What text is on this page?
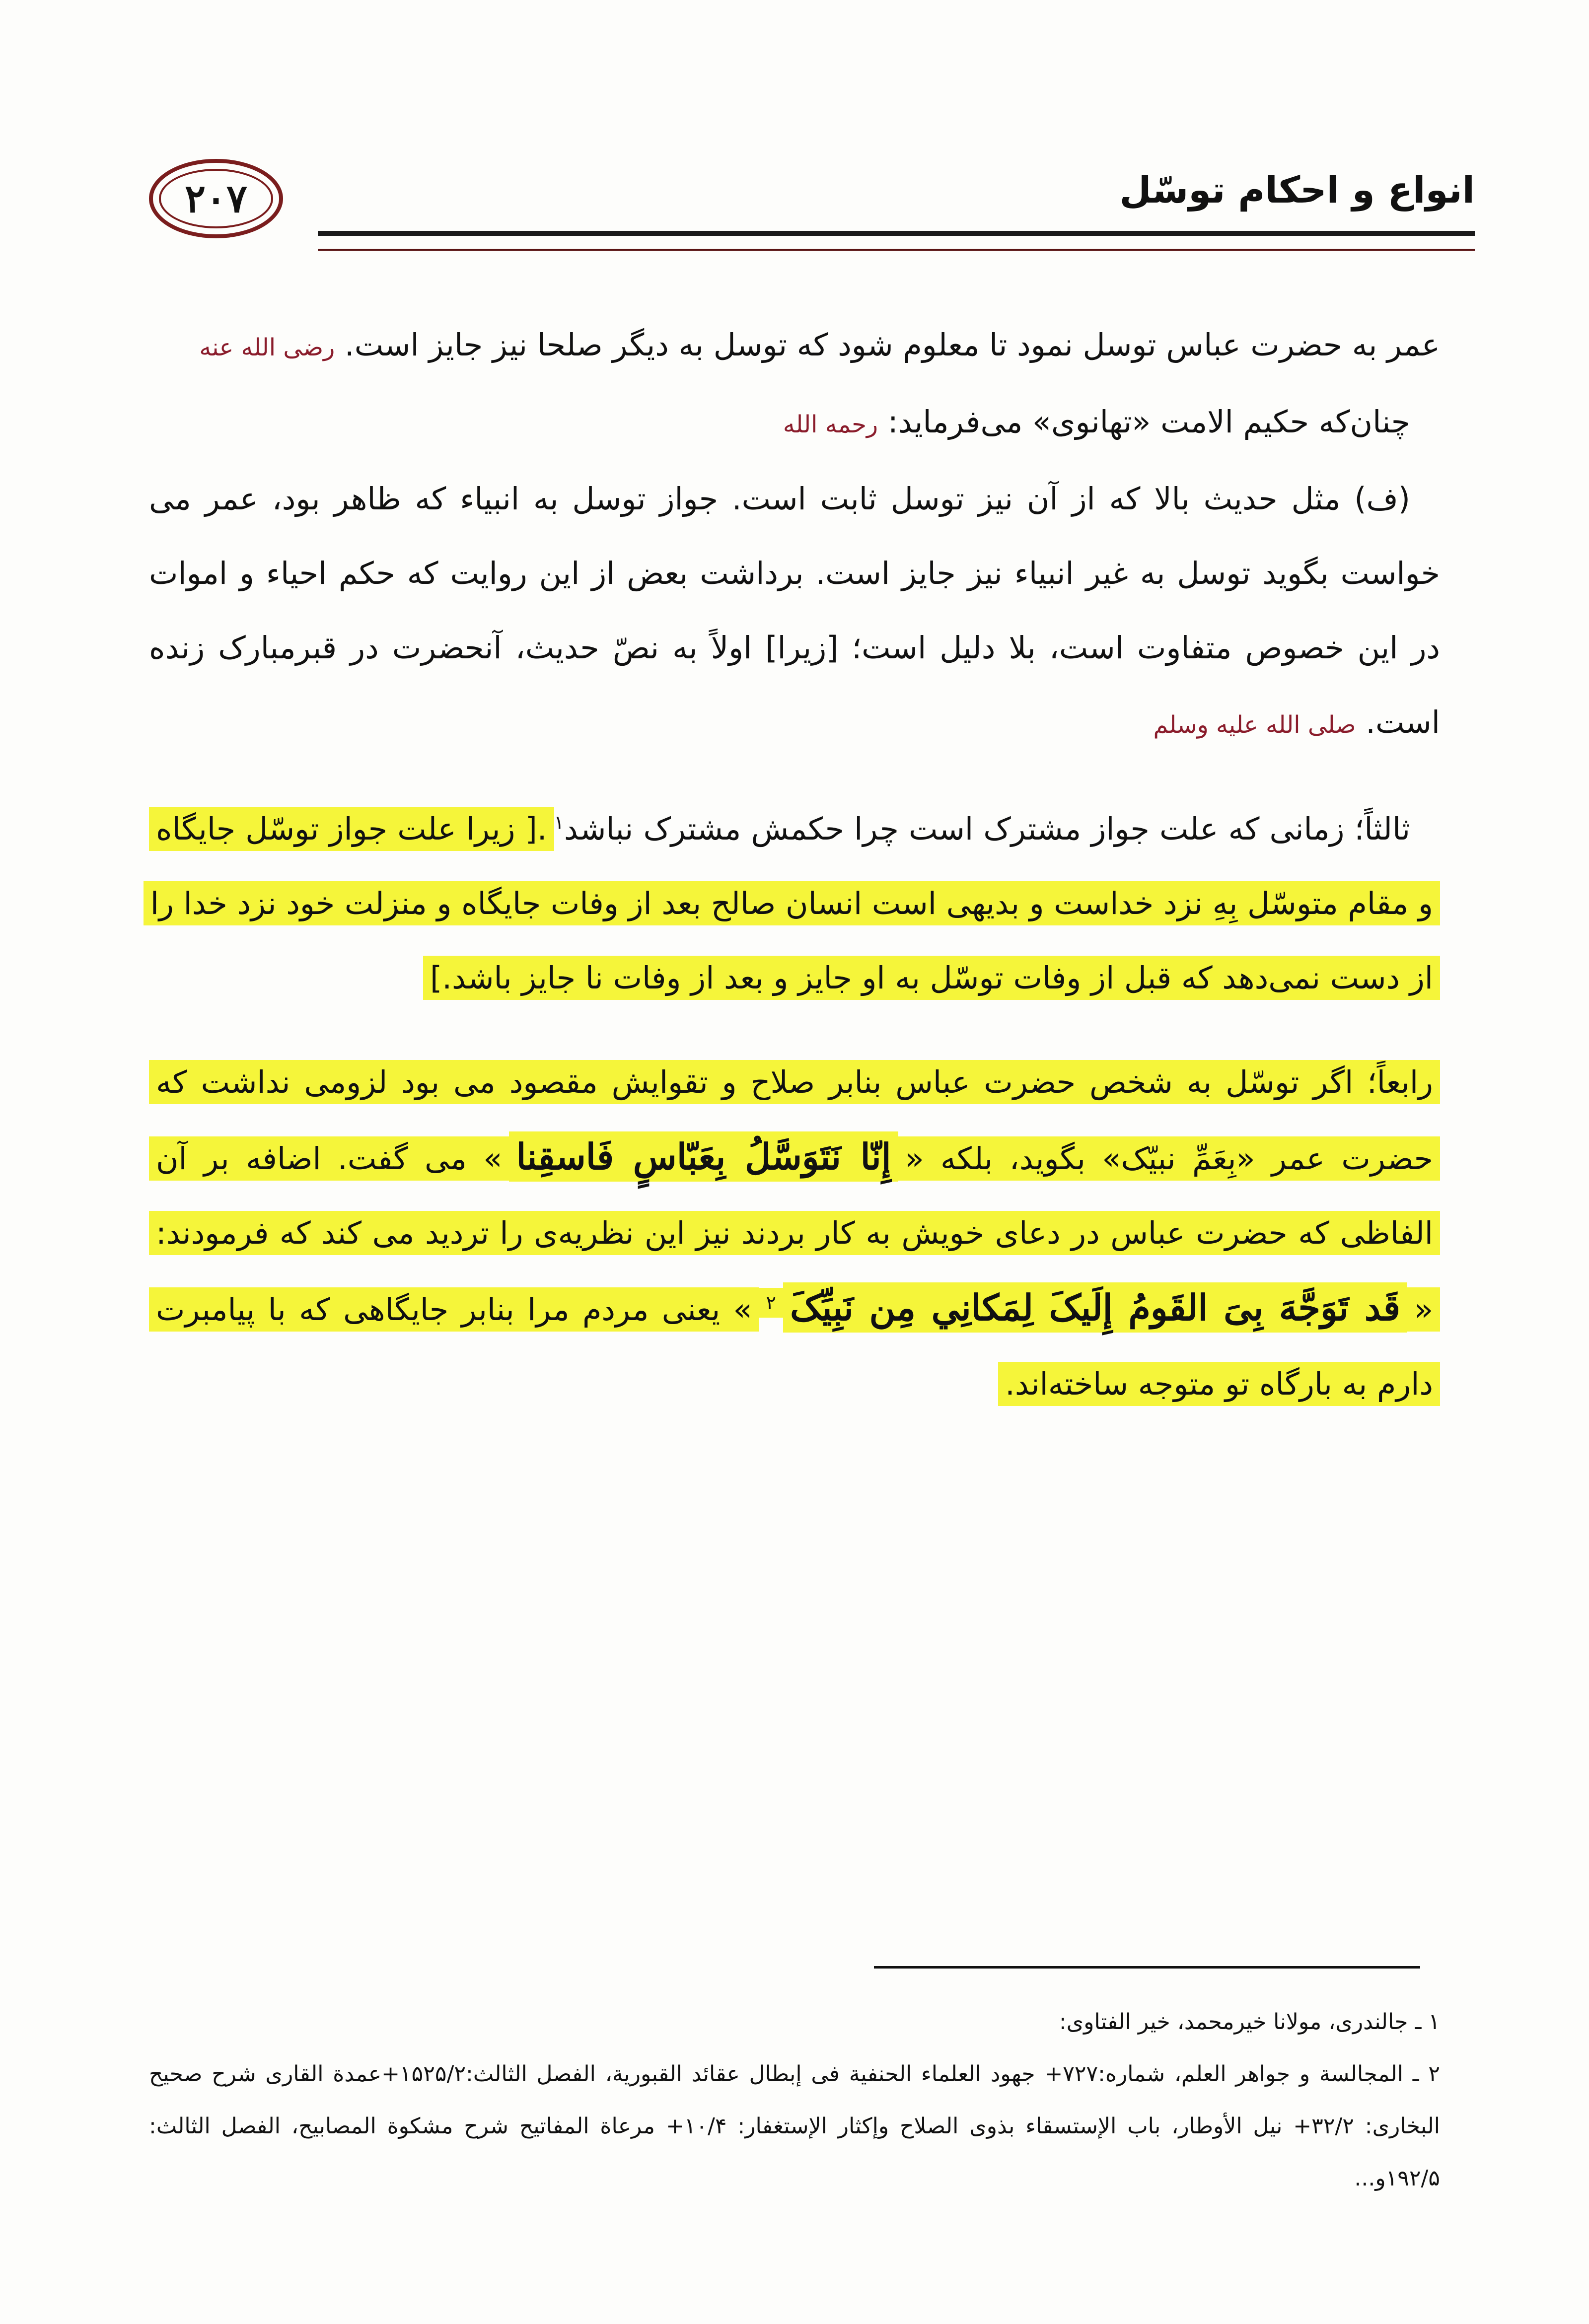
انواع و احکام توسّل
۲۰۷

عمر به حضرت عباس توسل نمود تا معلوم شود که توسل به دیگر صلحا نیز جایز است. رضی الله عنه

چنان‌که حکیم الامت «تهانوی» می‌فرماید: رحمه الله

(ف) مثل حدیث بالا که از آن نیز توسل ثابت است. جواز توسل به انبیاء که ظاهر بود، عمر می خواست بگوید توسل به غیر انبیاء نیز جایز است. برداشت بعض از این روایت که حکم احیاء و اموات در این خصوص متفاوت است، بلا دلیل است؛ [زیرا] اولاً به نصّ حدیث، آنحضرت در قبرمبارک زنده است. صلی الله علیه وسلم

ثالثاً؛ زمانی که علت جواز مشترک است چرا حکمش مشترک نباشد$^۱$.[ زیرا علت جواز توسّل جایگاه و مقام متوسّل بِهِ نزد خداست و بدیهی است انسان صالح بعد از وفات جایگاه و منزلت خود نزد خدا را از دست نمی‌دهد که قبل از وفات توسّل به او جایز و بعد از وفات نا جایز باشد.]

رابعاً؛ اگر توسّل به شخص حضرت عباس بنابر صلاح و تقوایش مقصود می بود لزومی نداشت که حضرت عمر «بِعَمِّ نبیّک» بگوید، بلکه «إِنّا نَتَوَسَّلُ بِعَبّاسٍ فَاسقِنا» می گفت. اضافه بر آن الفاظی که حضرت عباس در دعای خویش به کار بردند نیز این نظریه‌ی را تردید می کند که فرمودند: «قَد تَوَجَّهَ بِیَ القَومُ إِلَیکَ لِمَکانِي مِن نَبِیِّکَ$^۲$» یعنی مردم مرا بنابر جایگاهی که با پیامبرت دارم به بارگاه تو متوجه ساخته‌اند.

۱ ـ جالندری، مولانا خیرمحمد، خیر الفتاوی:

۲ ـ المجالسة و جواهر العلم، شماره:۷۲۷+ جهود العلماء الحنفیة فی إبطال عقائد القبوریة، الفصل الثالث:۱۵۲۵/۲+عمدة القاری شرح صحیح البخاری: ۳۲/۲+ نیل الأوطار، باب الإستسقاء بذوی الصلاح وإکثار الإستغفار: ۱۰/۴+ مرعاة المفاتیح شرح مشکوة المصابیح، الفصل الثالث: ۱۹۲/۵و...
